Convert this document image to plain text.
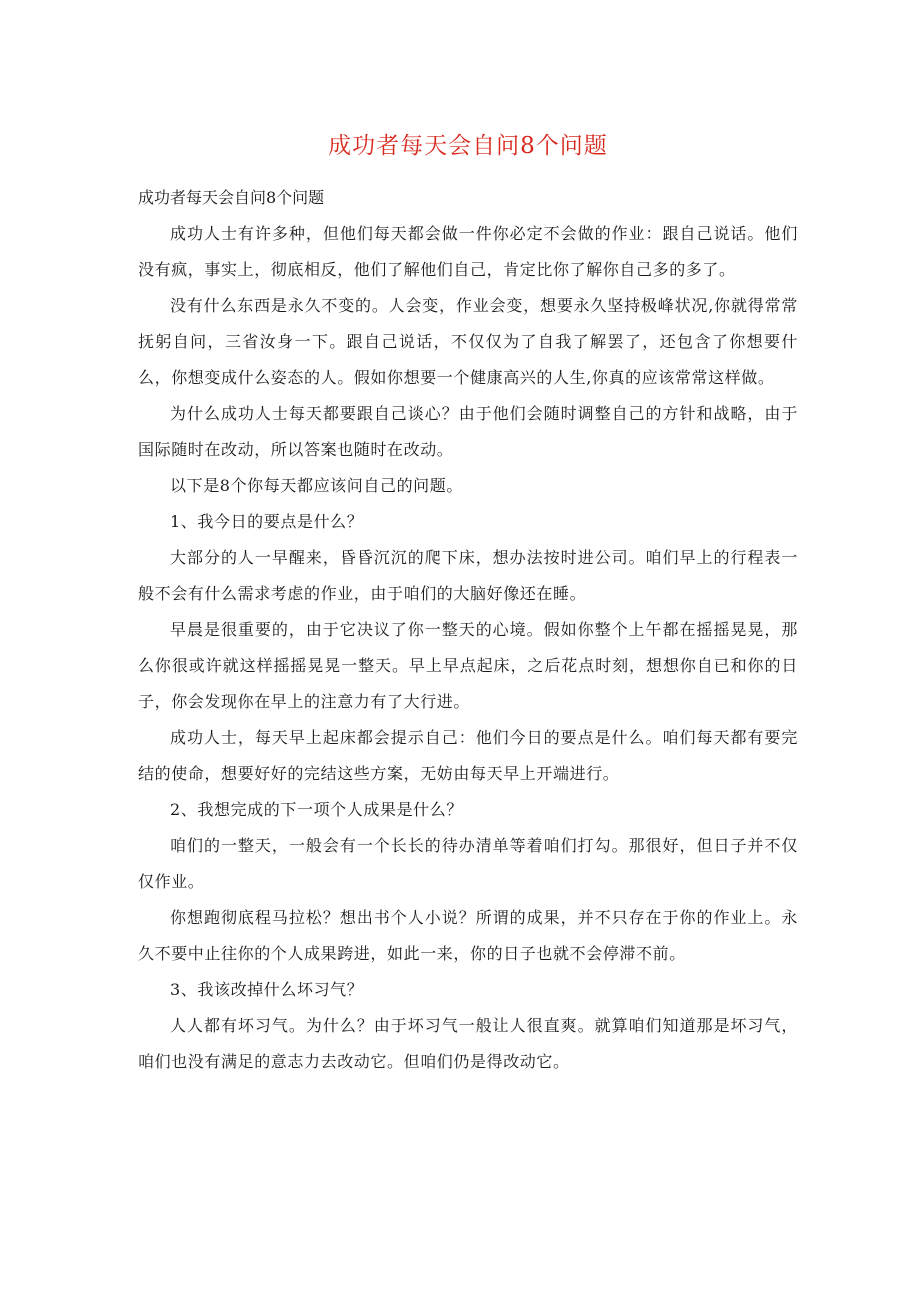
成功者每天会自问8个问题

成功者每天会自问8个问题

成功人士有许多种，但他们每天都会做一件你必定不会做的作业：跟自己说话。他们没有疯，事实上，彻底相反，他们了解他们自己，肯定比你了解你自己多的多了。

没有什么东西是永久不变的。人会变，作业会变，想要永久坚持极峰状况,你就得常常抚躬自问，三省汝身一下。跟自己说话，不仅仅为了自我了解罢了，还包含了你想要什么，你想变成什么姿态的人。假如你想要一个健康高兴的人生,你真的应该常常这样做。

为什么成功人士每天都要跟自己谈心？由于他们会随时调整自己的方针和战略，由于国际随时在改动，所以答案也随时在改动。

以下是8个你每天都应该问自己的问题。

1、我今日的要点是什么？

大部分的人一早醒来，昏昏沉沉的爬下床，想办法按时进公司。咱们早上的行程表一般不会有什么需求考虑的作业，由于咱们的大脑好像还在睡。

早晨是很重要的，由于它决议了你一整天的心境。假如你整个上午都在摇摇晃晃，那么你很或许就这样摇摇晃晃一整天。早上早点起床，之后花点时刻，想想你自已和你的日子，你会发现你在早上的注意力有了大行进。

成功人士，每天早上起床都会提示自己：他们今日的要点是什么。咱们每天都有要完结的使命，想要好好的完结这些方案，无妨由每天早上开端进行。

2、我想完成的下一项个人成果是什么？

咱们的一整天，一般会有一个长长的待办清单等着咱们打勾。那很好，但日子并不仅仅作业。

你想跑彻底程马拉松？想出书个人小说？所谓的成果，并不只存在于你的作业上。永久不要中止往你的个人成果跨进，如此一来，你的日子也就不会停滞不前。

3、我该改掉什么坏习气？

人人都有坏习气。为什么？由于坏习气一般让人很直爽。就算咱们知道那是坏习气，咱们也没有满足的意志力去改动它。但咱们仍是得改动它。
